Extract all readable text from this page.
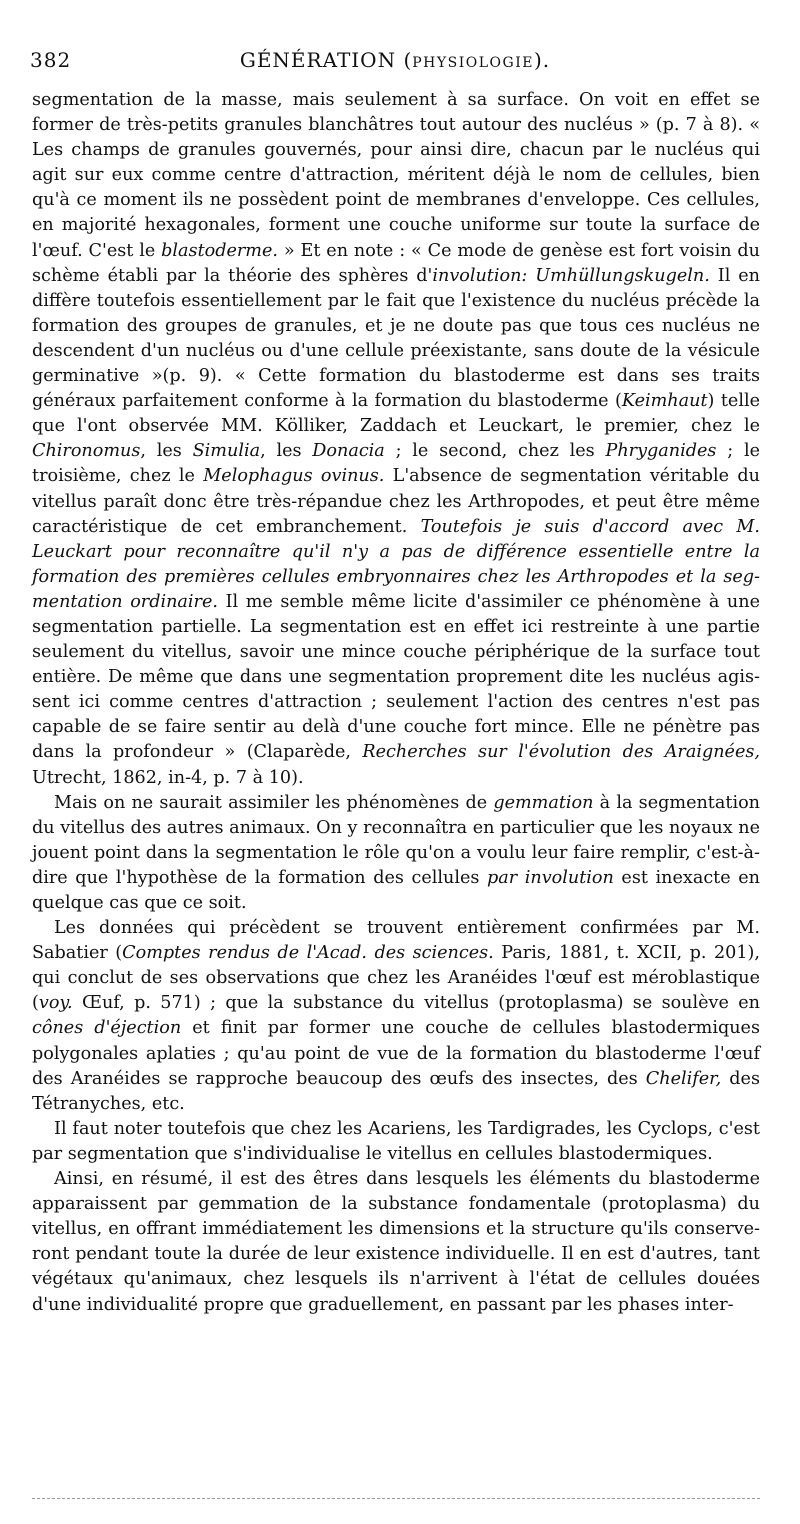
382	GÉNÉRATION (PHYSIOLOGIE).

segmentation de la masse, mais seulement à sa surface. On voit en effet se former de très-petits granules blanchâtres tout autour des nucléus » (p. 7 à 8). « Les champs de granules gouvernés, pour ainsi dire, chacun par le nucléus qui agit sur eux comme centre d'attraction, méritent déjà le nom de cellules, bien qu'à ce moment ils ne possèdent point de membranes d'enveloppe. Ces cellules, en majorité hexagonales, forment une couche uniforme sur toute la surface de l'œuf. C'est le blastoderme. » Et en note : « Ce mode de genèse est fort voisin du schème établi par la théorie des sphères d'involution: Umhüllungskugeln. Il en diffère toutefois essentiellement par le fait que l'existence du nucléus précède la formation des groupes de granules, et je ne doute pas que tous ces nucléus ne descendent d'un nucléus ou d'une cellule préexistante, sans doute de la vésicule germinative »(p. 9). « Cette formation du blastoderme est dans ses traits généraux parfaitement conforme à la formation du blastoderme (Keimhaut) telle que l'ont observée MM. Kölliker, Zaddach et Leuckart, le premier, chez le Chironomus, les Simulia, les Donacia ; le second, chez les Phryganides ; le troisième, chez le Melophagus ovinus. L'absence de segmentation véritable du vitellus paraît donc être très-répandue chez les Arthropodes, et peut être même caractéristique de cet embranchement. Toutefois je suis d'accord avec M. Leuckart pour reconnaître qu'il n'y a pas de différence essentielle entre la formation des premières cellules embryonnaires chez les Arthropodes et la segmentation ordinaire. Il me semble même licite d'assimiler ce phénomène à une segmentation partielle. La segmentation est en effet ici restreinte à une partie seulement du vitellus, savoir une mince couche périphérique de la surface tout entière. De même que dans une segmentation proprement dite les nucléus agissent ici comme centres d'attraction ; seulement l'action des centres n'est pas capable de se faire sentir au delà d'une couche fort mince. Elle ne pénètre pas dans la profondeur » (Claparède, Recherches sur l'évolution des Araignées, Utrecht, 1862, in-4, p. 7 à 10).

Mais on ne saurait assimiler les phénomènes de gemmation à la segmentation du vitellus des autres animaux. On y reconnaîtra en particulier que les noyaux ne jouent point dans la segmentation le rôle qu'on a voulu leur faire remplir, c'est-à-dire que l'hypothèse de la formation des cellules par involution est inexacte en quelque cas que ce soit.

Les données qui précèdent se trouvent entièrement confirmées par M. Sabatier (Comptes rendus de l'Acad. des sciences. Paris, 1881, t. XCII, p. 201), qui conclut de ses observations que chez les Aranéides l'œuf est méroblastique (voy. Œuf, p. 571) ; que la substance du vitellus (protoplasma) se soulève en cônes d'éjection et finit par former une couche de cellules blastodermiques polygonales aplaties ; qu'au point de vue de la formation du blastoderme l'œuf des Aranéides se rapproche beaucoup des œufs des insectes, des Chelifer, des Tétranyches, etc.

Il faut noter toutefois que chez les Acariens, les Tardigrades, les Cyclops, c'est par segmentation que s'individualise le vitellus en cellules blastodermiques.

Ainsi, en résumé, il est des êtres dans lesquels les éléments du blastoderme apparaissent par gemmation de la substance fondamentale (protoplasma) du vitellus, en offrant immédiatement les dimensions et la structure qu'ils conserveront pendant toute la durée de leur existence individuelle. Il en est d'autres, tant végétaux qu'animaux, chez lesquels ils n'arrivent à l'état de cellules douées d'une individualité propre que graduellement, en passant par les phases inter-
